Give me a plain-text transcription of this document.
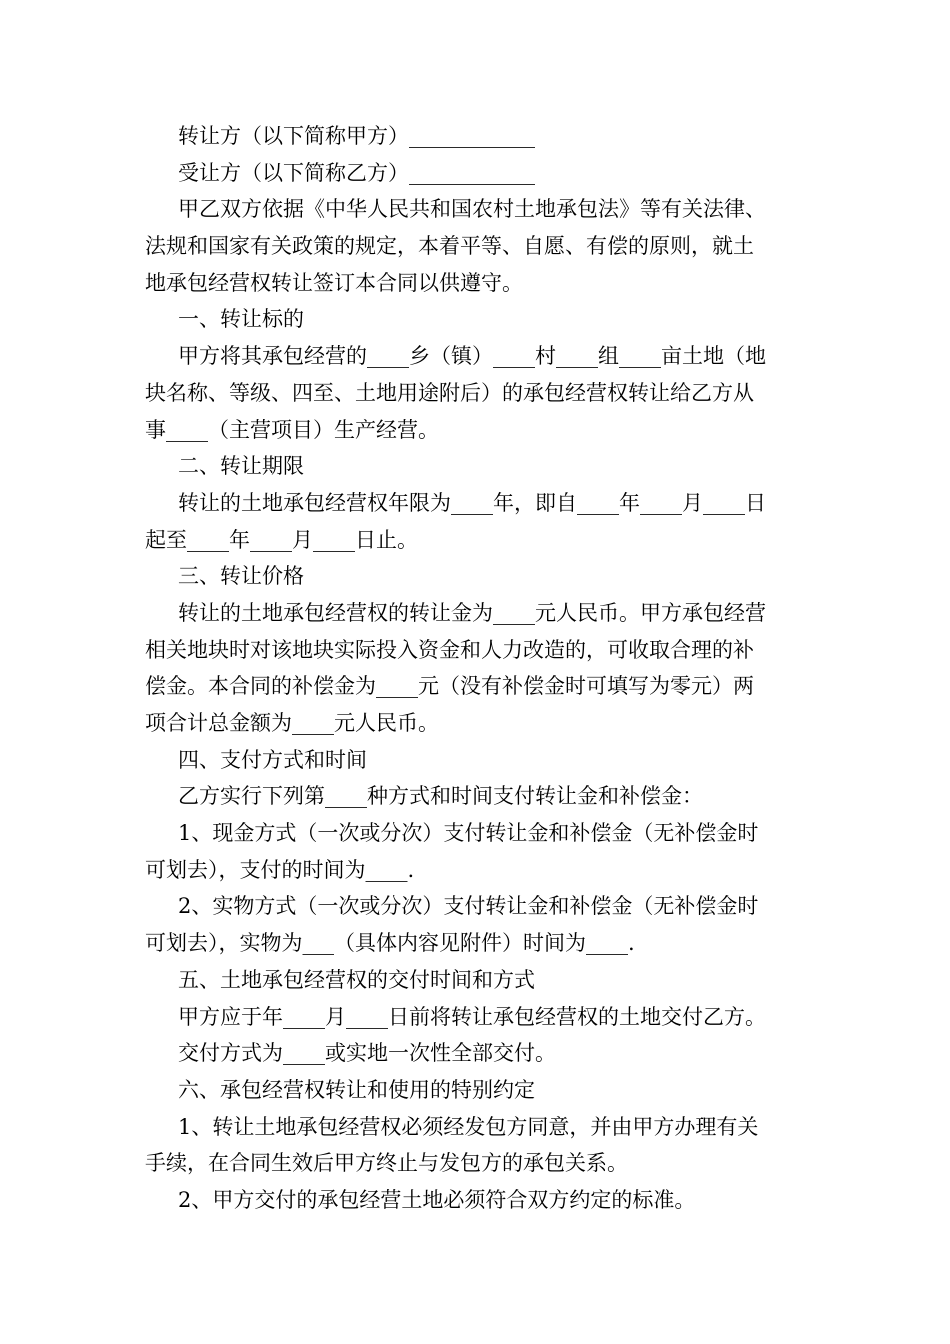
转让方（以下简称甲方）____________
受让方（以下简称乙方）____________
甲乙双方依据《中华人民共和国农村土地承包法》等有关法律、
法规和国家有关政策的规定，本着平等、自愿、有偿的原则，就土
地承包经营权转让签订本合同以供遵守。
一、转让标的
甲方将其承包经营的____乡（镇）____村____组____亩土地（地
块名称、等级、四至、土地用途附后）的承包经营权转让给乙方从
事____（主营项目）生产经营。
二、转让期限
转让的土地承包经营权年限为____年，即自____年____月____日
起至____年____月____日止。
三、转让价格
转让的土地承包经营权的转让金为____元人民币。甲方承包经营
相关地块时对该地块实际投入资金和人力改造的，可收取合理的补
偿金。本合同的补偿金为____元（没有补偿金时可填写为零元）两
项合计总金额为____元人民币。
四、支付方式和时间
乙方实行下列第____种方式和时间支付转让金和补偿金：
1、现金方式（一次或分次）支付转让金和补偿金（无补偿金时
可划去），支付的时间为____.
2、实物方式（一次或分次）支付转让金和补偿金（无补偿金时
可划去），实物为___（具体内容见附件）时间为____.
五、土地承包经营权的交付时间和方式
甲方应于年____月____日前将转让承包经营权的土地交付乙方。
交付方式为____或实地一次性全部交付。
六、承包经营权转让和使用的特别约定
1、转让土地承包经营权必须经发包方同意，并由甲方办理有关
手续，在合同生效后甲方终止与发包方的承包关系。
2、甲方交付的承包经营土地必须符合双方约定的标准。
